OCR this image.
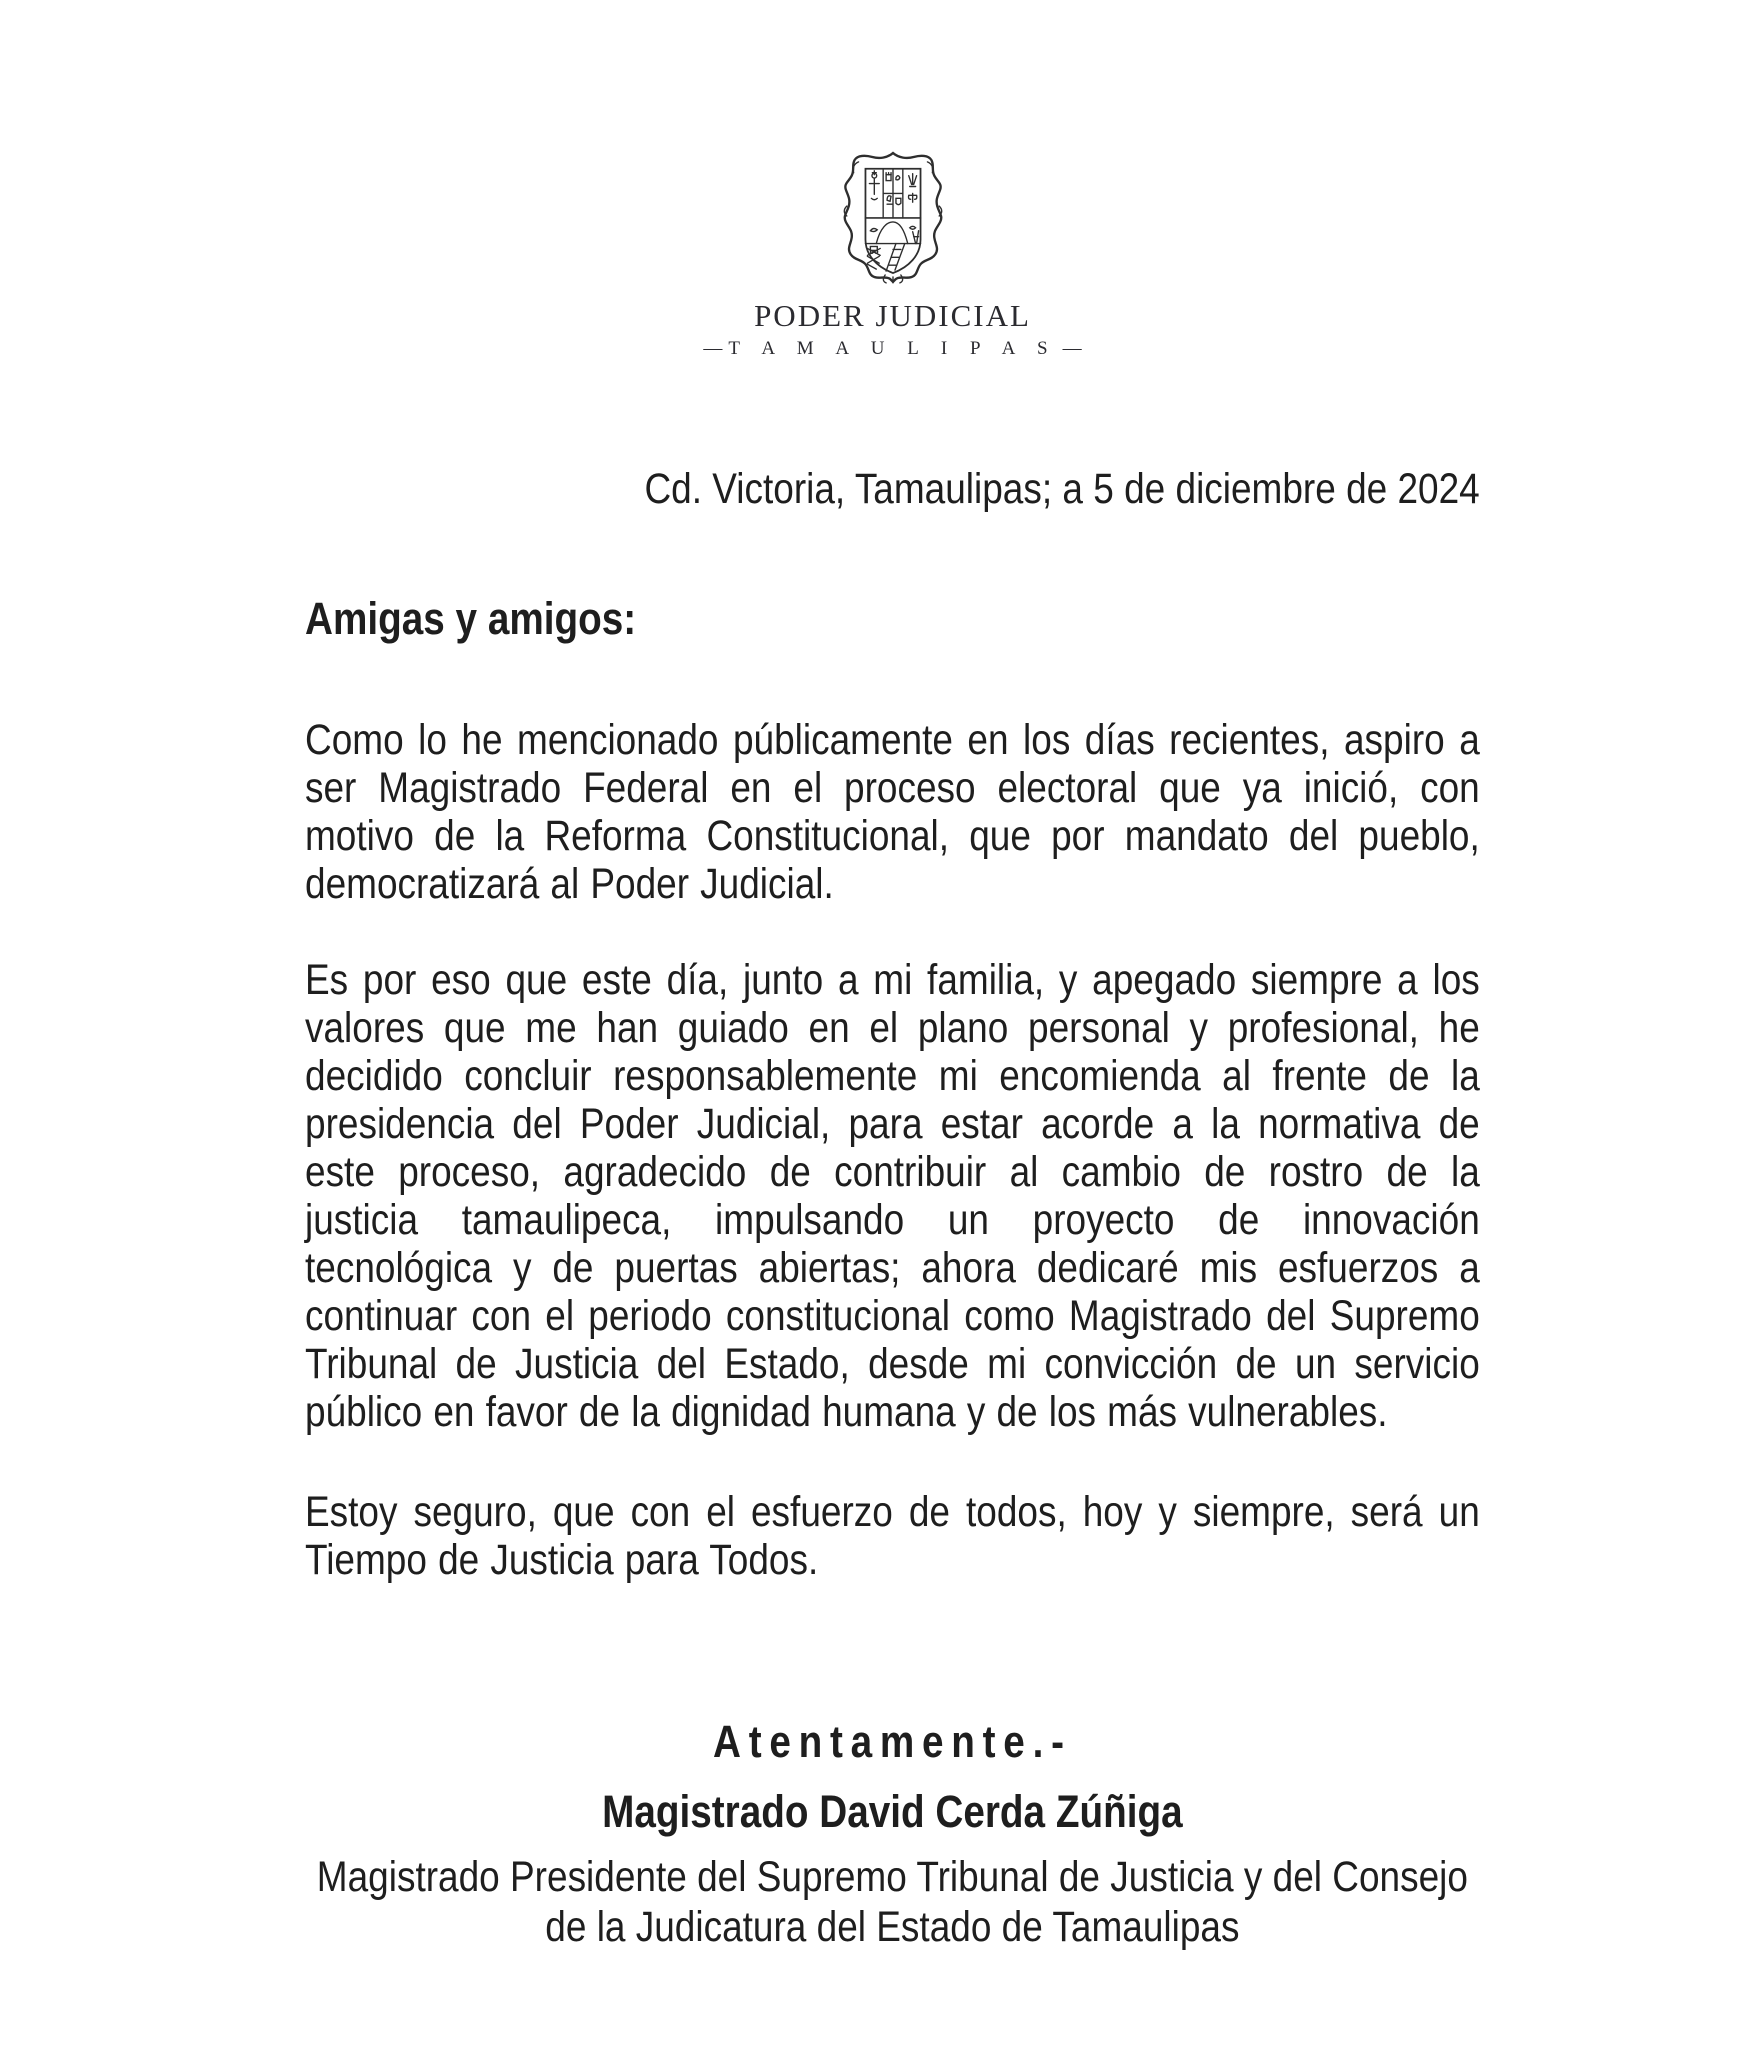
PODER JUDICIAL
— T A M A U L I P A S —
Cd. Victoria, Tamaulipas; a 5 de diciembre de 2024
Amigas y amigos:

Como lo he mencionado públicamente en los días recientes, aspiro a ser Magistrado Federal en el proceso electoral que ya inició, con motivo de la Reforma Constitucional, que por mandato del pueblo, democratizará al Poder Judicial.

Es por eso que este día, junto a mi familia, y apegado siempre a los valores que me han guiado en el plano personal y profesional, he decidido concluir responsablemente mi encomienda al frente de la presidencia del Poder Judicial, para estar acorde a la normativa de este proceso, agradecido de contribuir al cambio de rostro de la justicia tamaulipeca, impulsando un proyecto de innovación tecnológica y de puertas abiertas; ahora dedicaré mis esfuerzos a continuar con el periodo constitucional como Magistrado del Supremo Tribunal de Justicia del Estado, desde mi convicción de un servicio público en favor de la dignidad humana y de los más vulnerables.

Estoy seguro, que con el esfuerzo de todos, hoy y siempre, será un Tiempo de Justicia para Todos.

Atentamente.-
Magistrado David Cerda Zúñiga
Magistrado Presidente del Supremo Tribunal de Justicia y del Consejo
de la Judicatura del Estado de Tamaulipas
